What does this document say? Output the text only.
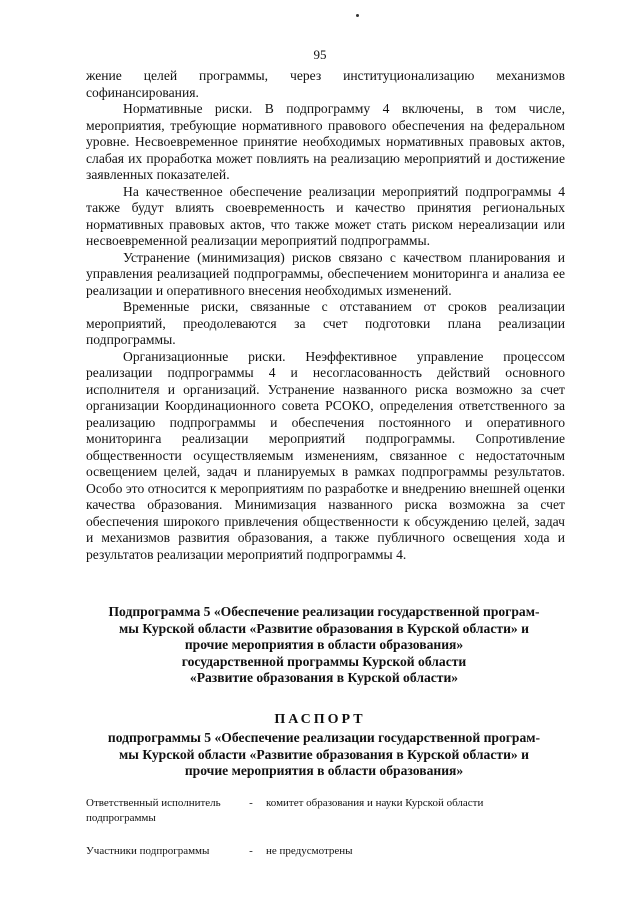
95

жение целей программы, через институционализацию механизмов софинансирования.

Нормативные риски. В подпрограмму 4 включены, в том числе, мероприятия, требующие нормативного правового обеспечения на федеральном уровне. Несвоевременное принятие необходимых нормативных правовых актов, слабая их проработка может повлиять на реализацию мероприятий и достижение заявленных показателей.

На качественное обеспечение реализации мероприятий подпрограммы 4 также будут влиять своевременность и качество принятия региональных нормативных правовых актов, что также может стать риском нереализации или несвоевременной реализации мероприятий подпрограммы.

Устранение (минимизация) рисков связано с качеством планирования и управления реализацией подпрограммы, обеспечением мониторинга и анализа ее реализации и оперативного внесения необходимых изменений.

Временные риски, связанные с отставанием от сроков реализации мероприятий, преодолеваются за счет подготовки плана реализации подпрограммы.

Организационные риски. Неэффективное управление процессом реализации подпрограммы 4 и несогласованность действий основного исполнителя и организаций. Устранение названного риска возможно за счет организации Координационного совета РСОКО, определения ответственного за реализацию подпрограммы и обеспечения постоянного и оперативного мониторинга реализации мероприятий подпрограммы. Сопротивление общественности осуществляемым изменениям, связанное с недостаточным освещением целей, задач и планируемых в рамках подпрограммы результатов. Особо это относится к мероприятиям по разработке и внедрению внешней оценки качества образования. Минимизация названного риска возможна за счет обеспечения широкого привлечения общественности к обсуждению целей, задач и механизмов развития образования, а также публичного освещения хода и результатов реализации мероприятий подпрограммы 4.

Подпрограмма 5 «Обеспечение реализации государственной програм-
мы Курской области «Развитие образования в Курской области» и
прочие мероприятия в области образования»
государственной программы Курской области
«Развитие образования в Курской области»
ПАСПОРТ
подпрограммы 5 «Обеспечение реализации государственной програм-
мы Курской области «Развитие образования в Курской области» и
прочие мероприятия в области образования»
Ответственный исполнитель подпрограммы
-	комитет образования и науки Курской области
Участники подпрограммы	-	не предусмотрены
